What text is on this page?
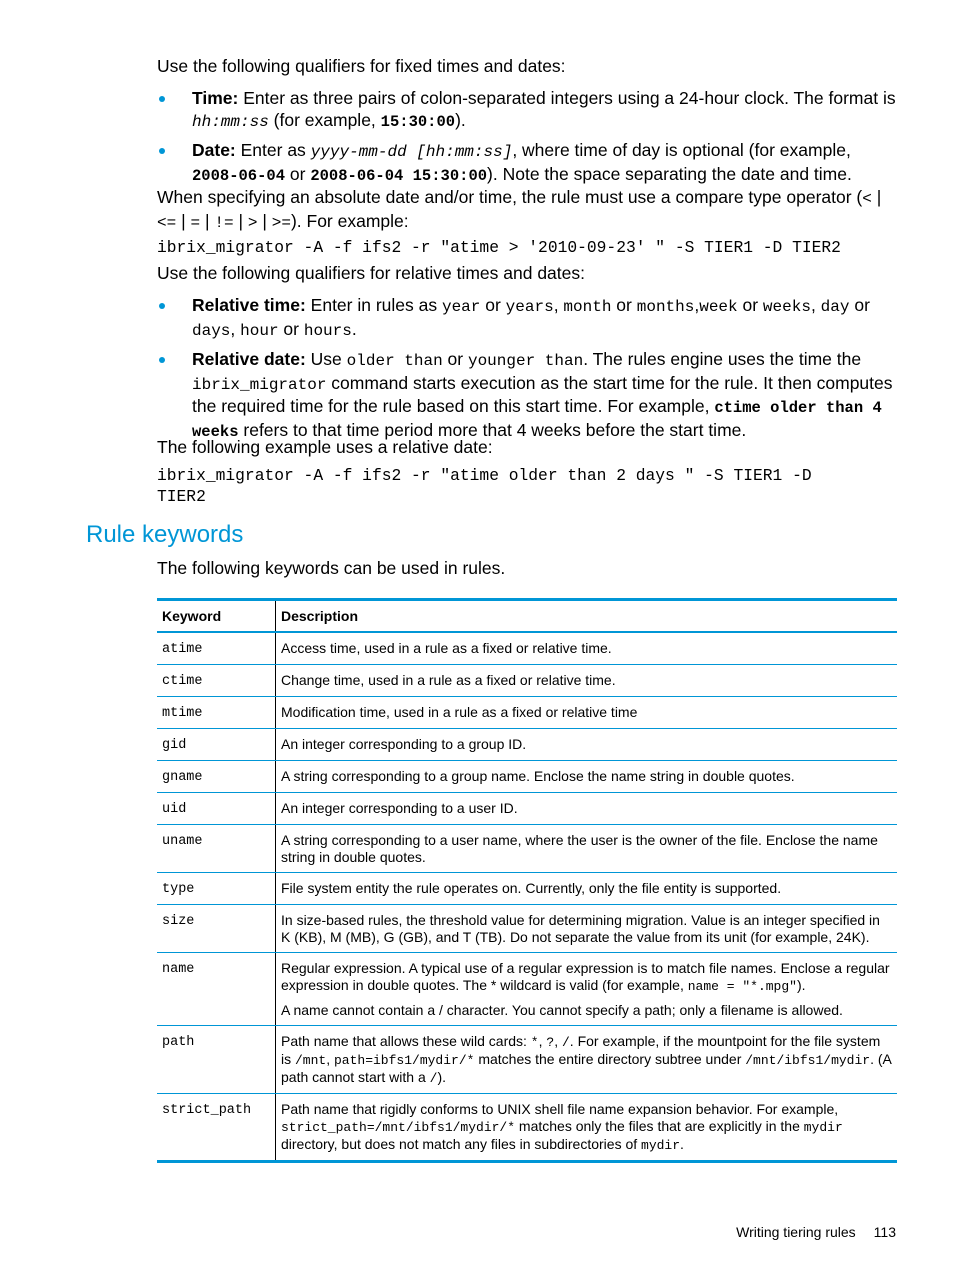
Use the following qualifiers for fixed times and dates:

Time: Enter as three pairs of colon-separated integers using a 24-hour clock. The format is
hh:mm:ss (for example, 15:30:00).
Date: Enter as yyyy-mm-dd [hh:mm:ss], where time of day is optional (for example,
2008-06-04 or 2008-06-04 15:30:00). Note the space separating the date and time.

When specifying an absolute date and/or time, the rule must use a compare type operator (< |
<= | = | != | > | >=). For example:

ibrix_migrator -A -f ifs2 -r "atime > '2010-09-23' " -S TIER1 -D TIER2

Use the following qualifiers for relative times and dates:

Relative time: Enter in rules as year or years, month or months,week or weeks, day or
days, hour or hours.
Relative date: Use older than or younger than. The rules engine uses the time the
ibrix_migrator command starts execution as the start time for the rule. It then computes the required time for the rule based on this start time. For example, ctime older than 4
weeks refers to that time period more that 4 weeks before the start time.

The following example uses a relative date:

ibrix_migrator -A -f ifs2 -r "atime older than 2 days " -S TIER1 -D
TIER2
Rule keywords

The following keywords can be used in rules.

Keyword	Description
atime	Access time, used in a rule as a fixed or relative time.
ctime	Change time, used in a rule as a fixed or relative time.
mtime	Modification time, used in a rule as a fixed or relative time
gid	An integer corresponding to a group ID.
gname	A string corresponding to a group name. Enclose the name string in double quotes.
uid	An integer corresponding to a user ID.
uname	A string corresponding to a user name, where the user is the owner of the file. Enclose the name string in double quotes.
type	File system entity the rule operates on. Currently, only the file entity is supported.
size	In size-based rules, the threshold value for determining migration. Value is an integer specified in K (KB), M (MB), G (GB), and T (TB). Do not separate the value from its unit (for example, 24K).
name	Regular expression. A typical use of a regular expression is to match file names. Enclose a regular expression in double quotes. The * wildcard is valid (for example, name = "*.mpg").
A name cannot contain a / character. You cannot specify a path; only a filename is allowed.

path	Path name that allows these wild cards: *, ?, /. For example, if the mountpoint for the file system is /mnt, path=ibfs1/mydir/* matches the entire directory subtree under /mnt/ibfs1/mydir. (A path cannot start with a /).
strict_path	Path name that rigidly conforms to UNIX shell file name expansion behavior. For example, strict_path=/mnt/ibfs1/mydir/* matches only the files that are explicitly in the mydir directory, but does not match any files in subdirectories of mydir.
Writing tiering rules 113
